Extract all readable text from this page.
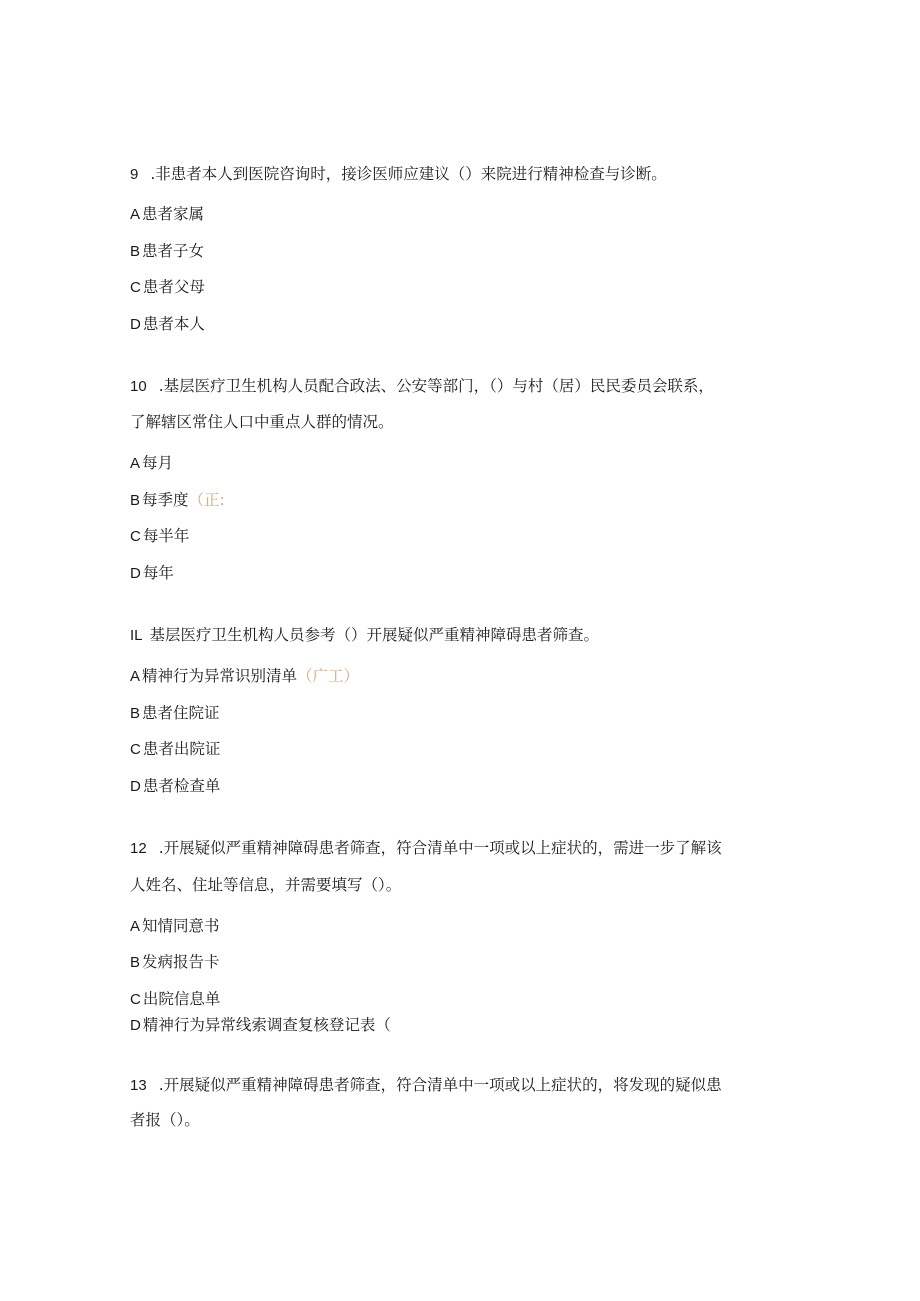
9 .非患者本人到医院咨询时，接诊医师应建议（）来院进行精神检查与诊断。
A 患者家属
B 患者子女
C 患者父母
D 患者本人
10 .基层医疗卫生机构人员配合政法、公安等部门，（）与村（居）民民委员会联系，
了解辖区常住人口中重点人群的情况。
A 每月
B 每季度（正:
C 每半年
D 每年
IL 基层医疗卫生机构人员参考（）开展疑似严重精神障碍患者筛查。
A 精神行为异常识别清单（广工）
B 患者住院证
C 患者出院证
D 患者检查单
12 .开展疑似严重精神障碍患者筛查，符合清单中一项或以上症状的，需进一步了解该
人姓名、住址等信息，并需要填写（）。
A 知情同意书
B 发病报告卡
C 出院信息单
D 精神行为异常线索调查复核登记表（
13 .开展疑似严重精神障碍患者筛查，符合清单中一项或以上症状的，将发现的疑似患
者报（）。
